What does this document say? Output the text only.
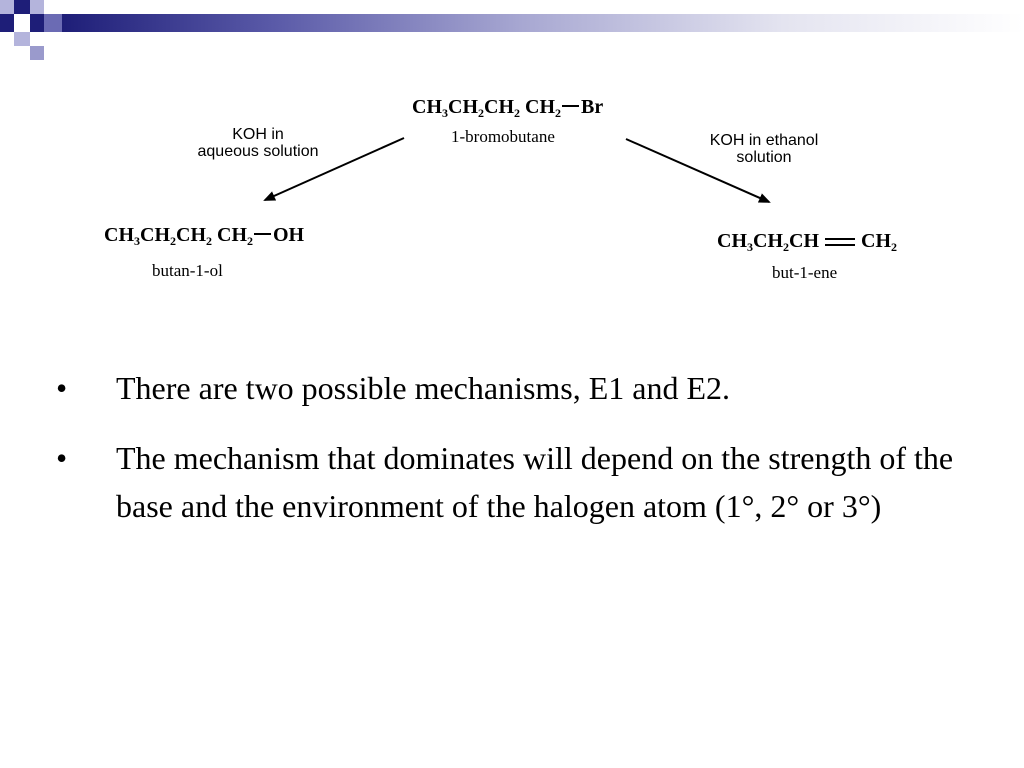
$CH_3CH_2CH_2$ $CH_2$ Br
1-bromobutane
KOH in
aqueous solution
KOH in ethanol
solution
$CH_3CH_2CH_2$ $CH_2$ OH
butan-1-ol
$CH_3CH_2CH$ $CH_2$
but-1-ene
• There are two possible mechanisms, E1 and E2.
• The mechanism that dominates will depend on the strength of the base and the environment of the halogen atom (1°, 2° or 3°)
